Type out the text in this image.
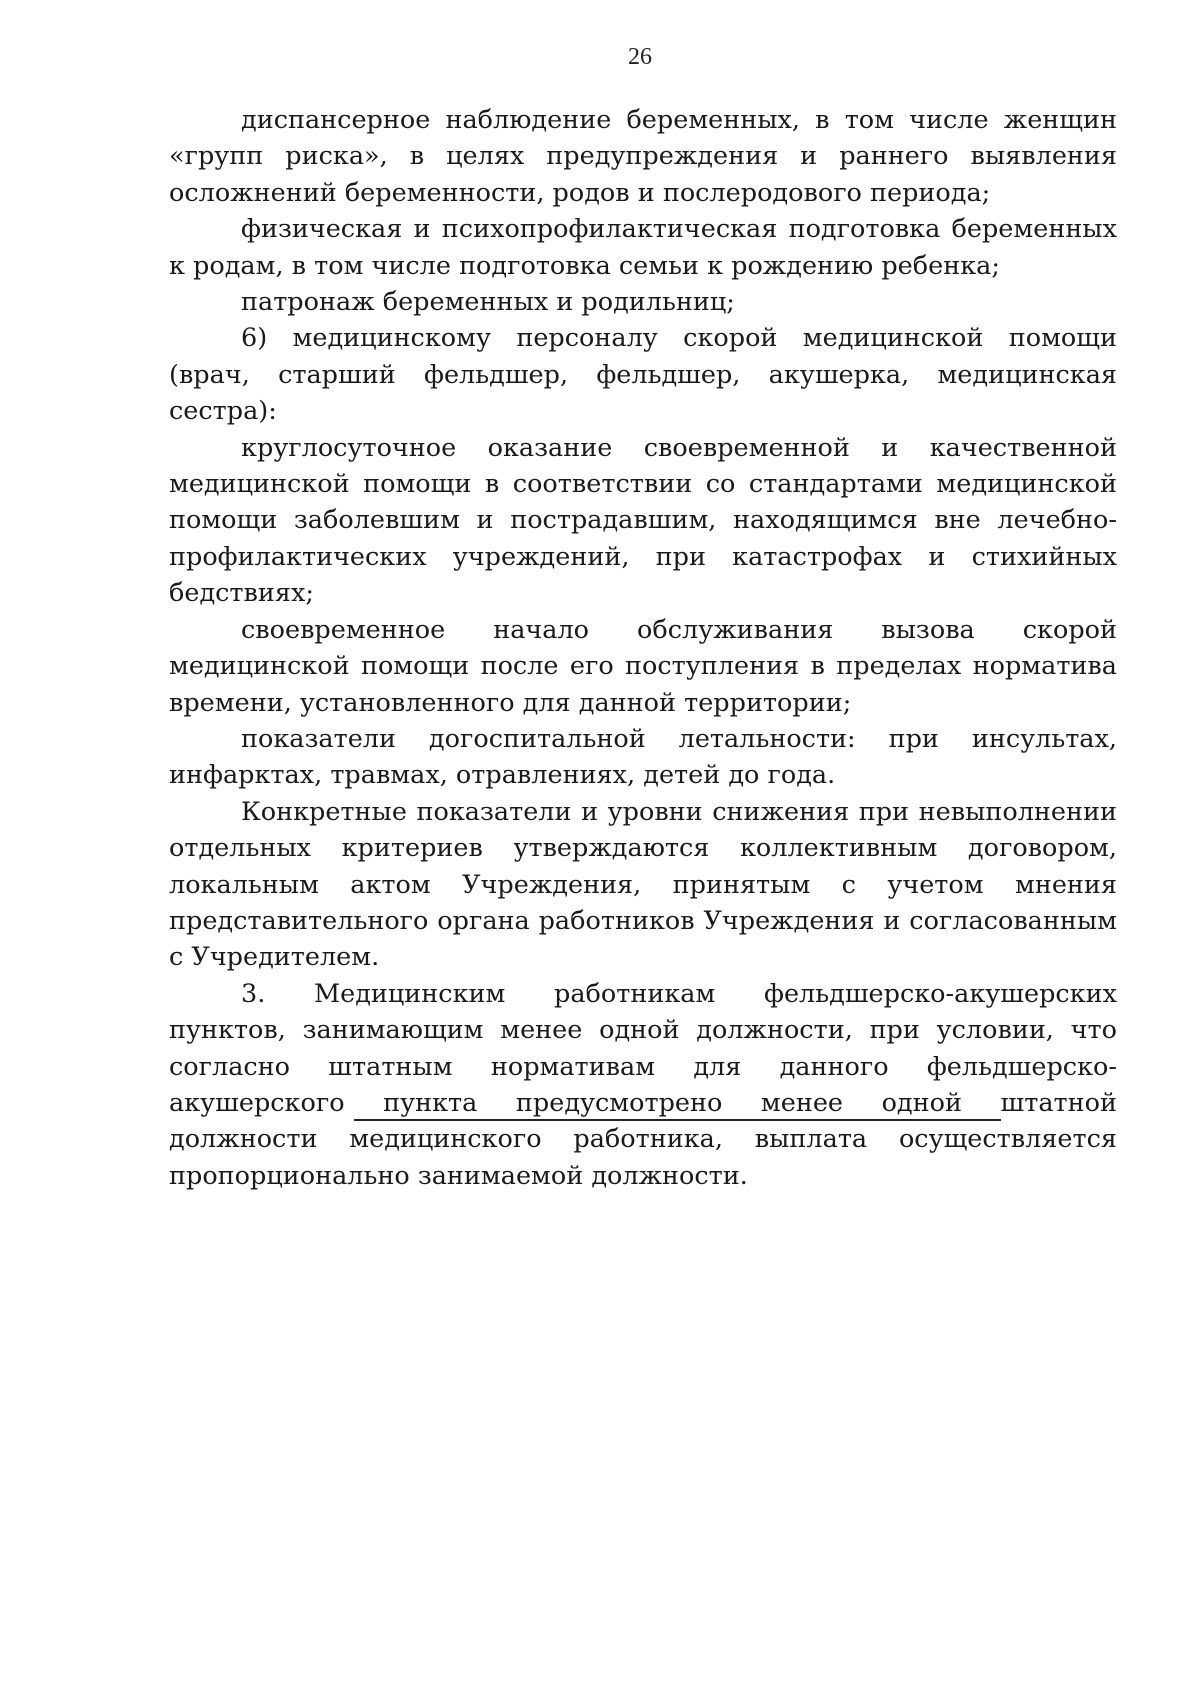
26

диспансерное наблюдение беременных, в том числе женщин «групп риска», в целях предупреждения и раннего выявления осложнений беременности, родов и послеродового периода;

физическая и психопрофилактическая подготовка беременных к родам, в том числе подготовка семьи к рождению ребенка;

патронаж беременных и родильниц;

6) медицинскому персоналу скорой медицинской помощи (врач, старший фельдшер, фельдшер, акушерка, медицинская сестра):

круглосуточное оказание своевременной и качественной медицинской помощи в соответствии со стандартами медицинской помощи заболевшим и пострадавшим, находящимся вне лечебно-профилактических учреждений, при катастрофах и стихийных бедствиях;

своевременное начало обслуживания вызова скорой медицинской помощи после его поступления в пределах норматива времени, установленного для данной территории;

показатели догоспитальной летальности: при инсультах, инфарктах, травмах, отравлениях, детей до года.

Конкретные показатели и уровни снижения при невыполнении отдельных критериев утверждаются коллективным договором, локальным актом Учреждения, принятым с учетом мнения представительного органа работников Учреждения и согласованным с Учредителем.

3. Медицинским работникам фельдшерско-акушерских пунктов, занимающим менее одной должности, при условии, что согласно штатным нормативам для данного фельдшерско-акушерского пункта предусмотрено менее одной штатной должности медицинского работника, выплата осуществляется пропорционально занимаемой должности.
